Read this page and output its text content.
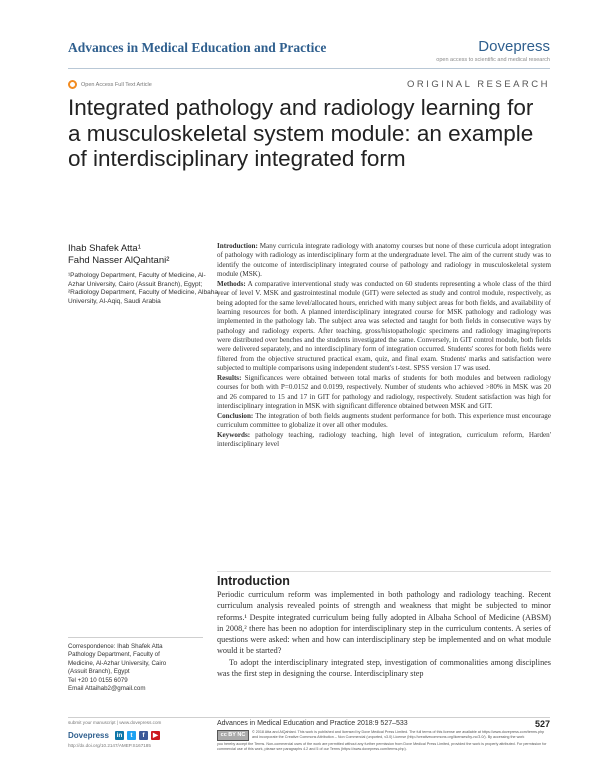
Advances in Medical Education and Practice	Dovepress
open access to scientific and medical research
Open Access Full Text Article	ORIGINAL RESEARCH
Integrated pathology and radiology learning for a musculoskeletal system module: an example of interdisciplinary integrated form
Ihab Shafek Atta¹
Fahd Nasser AlQahtani²
¹Pathology Department, Faculty of Medicine, Al-Azhar University, Cairo (Assuit Branch), Egypt; ²Radiology Department, Faculty of Medicine, Albaha University, Al-Aqiq, Saudi Arabia

Introduction: Many curricula integrate radiology with anatomy courses but none of these curricula adopt integration of pathology with radiology as interdisciplinary form at the undergraduate level. The aim of the current study was to identify the outcome of interdisciplinary integrated course of pathology and radiology in musculoskeletal system module (MSK).

Methods: A comparative interventional study was conducted on 60 students representing a whole class of the third year of level V. MSK and gastrointestinal module (GIT) were selected as study and control module, respectively, as being adopted for the same level/allocated hours, enriched with many subject areas for both fields, and availability of learning resources for both. A planned interdisciplinary integrated course for MSK pathology and radiology was implemented in the pathology lab. The subject area was selected and taught for both fields in consecutive ways by pathology and radiology experts. After teaching, gross/histopathologic specimens and radiology imaging/reports were distributed over benches and the students investigated the same. Conversely, in GIT control module, both fields were delivered separately, and no interdisciplinary form of integration occurred. Students' scores for both fields were filtered from the objective structured practical exam, quiz, and final exam. Students' marks and satisfaction were subjected to multiple comparisons using independent student's t-test. SPSS version 17 was used.

Results: Significances were obtained between total marks of students for both modules and between radiology courses for both with P=0.0152 and 0.0199, respectively. Number of students who achieved >80% in MSK was 20 and 26 compared to 15 and 17 in GIT for pathology and radiology, respectively. Student satisfaction was high for interdisciplinary integration in MSK with significant difference obtained between MSK and GIT.

Conclusion: The integration of both fields augments student performance for both. This experience must encourage curriculum committee to globalize it over all other modules.

Keywords: pathology teaching, radiology teaching, high level of integration, curriculum reform, Harden' interdisciplinary level

Introduction

Periodic curriculum reform was implemented in both pathology and radiology teaching. Recent curriculum analysis revealed points of strength and weakness that might be subjected to minor reforms.¹ Despite integrated curriculum being fully adopted in Albaha School of Medicine (ABSM) in 2008,² there has been no adoption for interdisciplinary step in the curriculum contents. A series of questions were asked: when and how can interdisciplinary step be implemented and on what module would it be started?

To adopt the interdisciplinary integrated step, investigation of commonalities among disciplines was the first step in designing the course. Interdisciplinary step

Correspondence: Ihab Shafek Atta
Pathology Department, Faculty of
Medicine, Al-Azhar University, Cairo
(Assuit Branch), Egypt
Tel +20 10 0155 6079
Email Attaihab2@gmail.com
submit your manuscript | www.dovepress.com
Dovepress in	t	f	▶
http://dx.doi.org/10.2147/AMEP.S167185
Advances in Medical Education and Practice 2018:9 527–533	527
cc BY NC	© 2018 Atta and AlQahtani. This work is published and licensed by Dove Medical Press Limited. The full terms of this license are available at https://www.dovepress.com/terms.php and incorporate the Creative Commons Attribution – Non Commercial (unported, v3.0) License (http://creativecommons.org/licenses/by-nc/3.0/). By accessing the work
you hereby accept the Terms. Non-commercial uses of the work are permitted without any further permission from Dove Medical Press Limited, provided the work is properly attributed. For permission for commercial use of this work, please see paragraphs 4.2 and 5 of our Terms (https://www.dovepress.com/terms.php).
